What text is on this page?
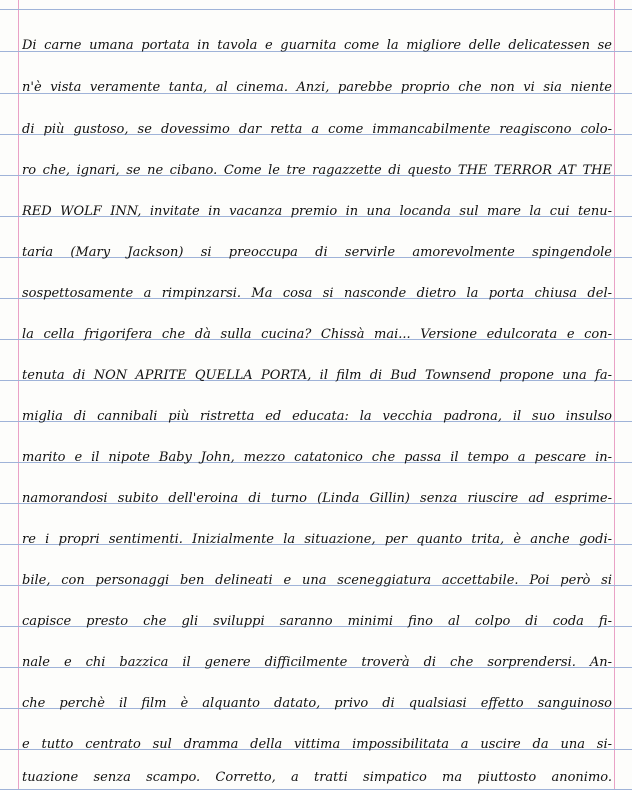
Di carne umana portata in tavola e guarnita come la migliore delle delicatessen se
n'è vista veramente tanta, al cinema. Anzi, parebbe proprio che non vi sia niente
di più gustoso, se dovessimo dar retta a come immancabilmente reagiscono colo-
ro che, ignari, se ne cibano. Come le tre ragazzette di questo THE TERROR AT THE
RED WOLF INN, invitate in vacanza premio in una locanda sul mare la cui tenu-
taria (Mary Jackson) si preoccupa di servirle amorevolmente spingendole
sospettosamente a rimpinzarsi. Ma cosa si nasconde dietro la porta chiusa del-
la cella frigorifera che dà sulla cucina? Chissà mai... Versione edulcorata e con-
tenuta di NON APRITE QUELLA PORTA, il film di Bud Townsend propone una fa-
miglia di cannibali più ristretta ed educata: la vecchia padrona, il suo insulso
marito e il nipote Baby John, mezzo catatonico che passa il tempo a pescare in-
namorandosi subito dell'eroina di turno (Linda Gillin) senza riuscire ad esprime-
re i propri sentimenti. Inizialmente la situazione, per quanto trita, è anche godi-
bile, con personaggi ben delineati e una sceneggiatura accettabile. Poi però si
capisce presto che gli sviluppi saranno minimi fino al colpo di coda fi-
nale e chi bazzica il genere difficilmente troverà di che sorprendersi. An-
che perchè il film è alquanto datato, privo di qualsiasi effetto sanguinoso
e tutto centrato sul dramma della vittima impossibilitata a uscire da una si-
tuazione senza scampo. Corretto, a tratti simpatico ma piuttosto anonimo.
